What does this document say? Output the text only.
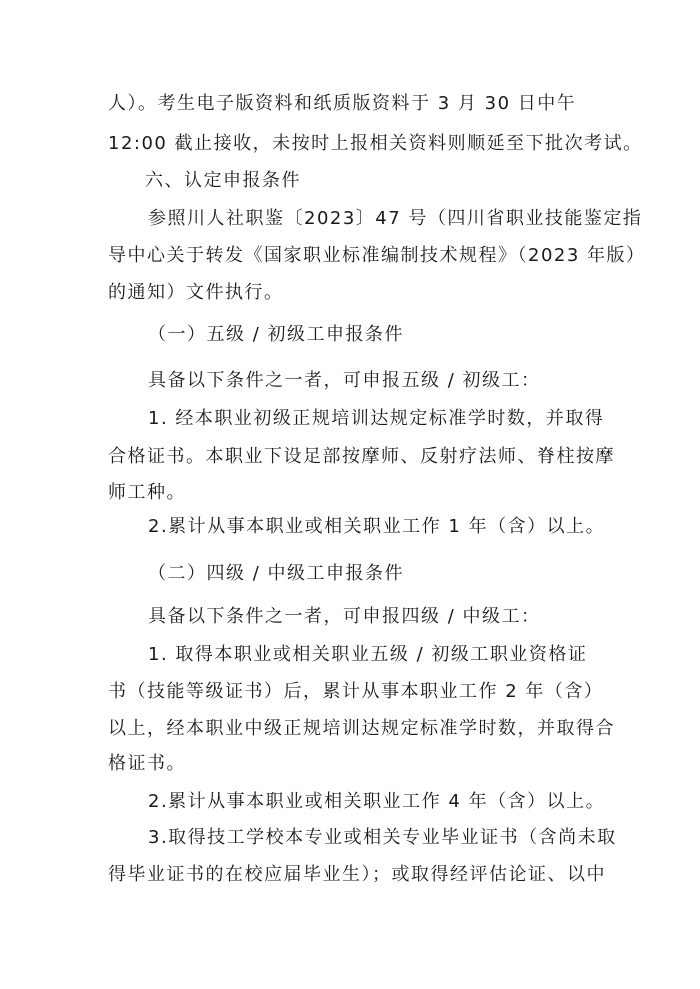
人）。考生电子版资料和纸质版资料于 3 月 30 日中午
12:00 截止接收，未按时上报相关资料则顺延至下批次考试。
六、认定申报条件
参照川人社职鉴〔2023〕47 号（四川省职业技能鉴定指
导中心关于转发《国家职业标准编制技术规程》（2023 年版）
的通知）文件执行。
（一）五级 / 初级工申报条件
具备以下条件之一者，可申报五级 / 初级工：
1. 经本职业初级正规培训达规定标准学时数，并取得
合格证书。本职业下设足部按摩师、反射疗法师、脊柱按摩
师工种。
2.累计从事本职业或相关职业工作 1 年（含）以上。
（二）四级 / 中级工申报条件
具备以下条件之一者，可申报四级 / 中级工：
1. 取得本职业或相关职业五级 / 初级工职业资格证
书（技能等级证书）后，累计从事本职业工作 2 年（含）
以上，经本职业中级正规培训达规定标准学时数，并取得合
格证书。
2.累计从事本职业或相关职业工作 4 年（含）以上。
3.取得技工学校本专业或相关专业毕业证书（含尚未取
得毕业证书的在校应届毕业生）；或取得经评估论证、以中
